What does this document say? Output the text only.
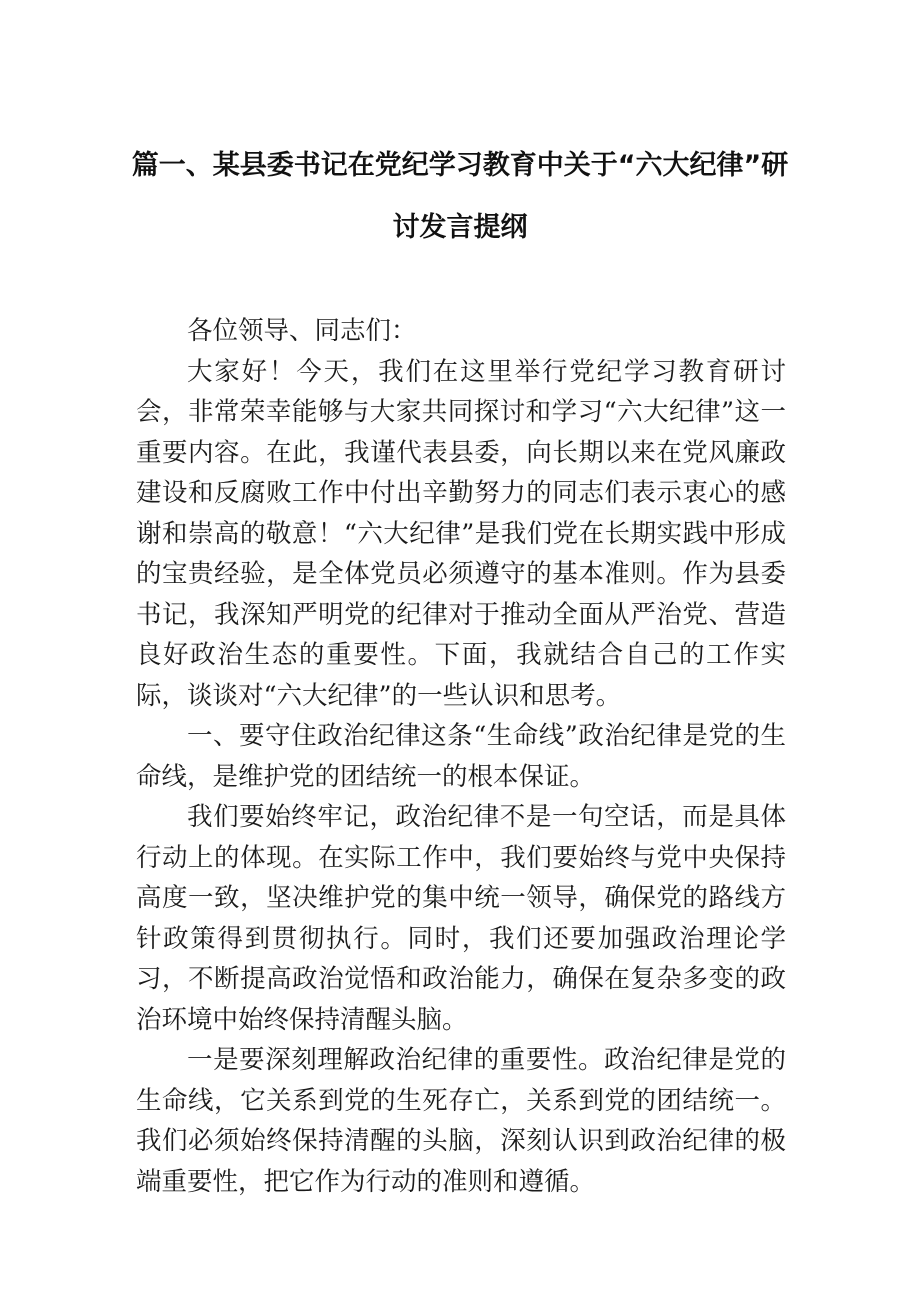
篇一、某县委书记在党纪学习教育中关于“六大纪律”研
讨发言提纲

各位领导、同志们：

大家好！今天，我们在这里举行党纪学习教育研讨会，非常荣幸能够与大家共同探讨和学习“六大纪律”这一重要内容。在此，我谨代表县委，向长期以来在党风廉政建设和反腐败工作中付出辛勤努力的同志们表示衷心的感谢和崇高的敬意！“六大纪律”是我们党在长期实践中形成的宝贵经验，是全体党员必须遵守的基本准则。作为县委书记，我深知严明党的纪律对于推动全面从严治党、营造良好政治生态的重要性。下面，我就结合自己的工作实际，谈谈对“六大纪律”的一些认识和思考。

一、要守住政治纪律这条“生命线”政治纪律是党的生命线，是维护党的团结统一的根本保证。

我们要始终牢记，政治纪律不是一句空话，而是具体行动上的体现。在实际工作中，我们要始终与党中央保持高度一致，坚决维护党的集中统一领导，确保党的路线方针政策得到贯彻执行。同时，我们还要加强政治理论学习，不断提高政治觉悟和政治能力，确保在复杂多变的政治环境中始终保持清醒头脑。

一是要深刻理解政治纪律的重要性。政治纪律是党的生命线，它关系到党的生死存亡，关系到党的团结统一。我们必须始终保持清醒的头脑，深刻认识到政治纪律的极端重要性，把它作为行动的准则和遵循。
